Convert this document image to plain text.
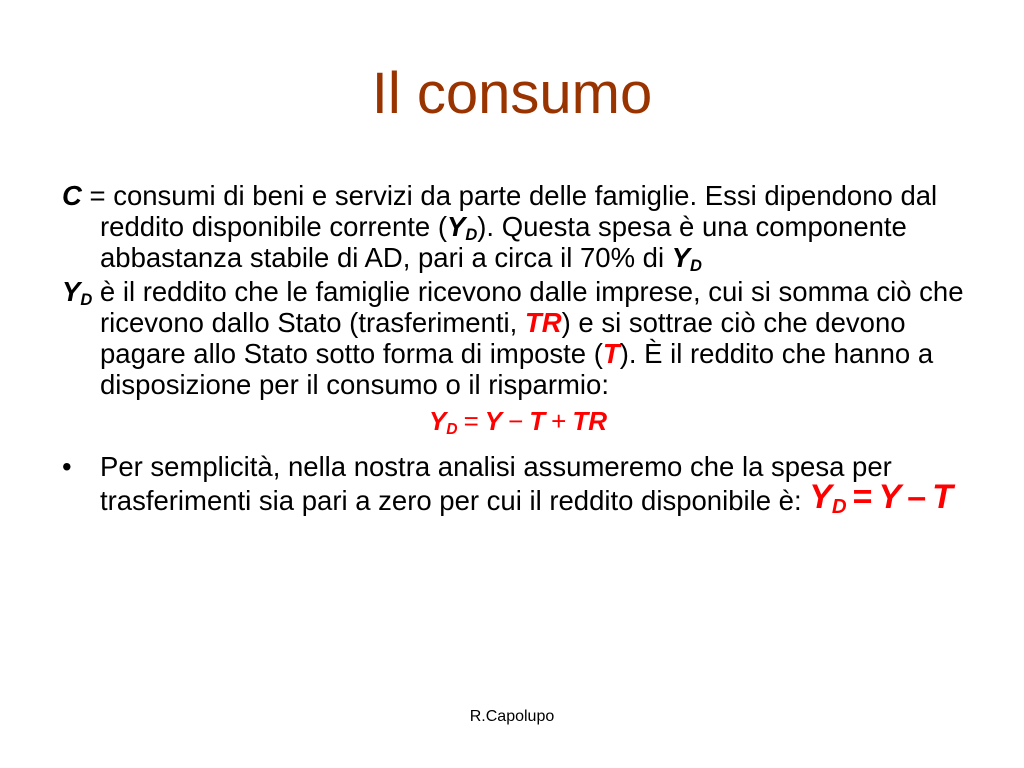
Il consumo
C = consumi di beni e servizi da parte delle famiglie. Essi dipendono dal reddito disponibile corrente $(Y_D)$. Questa spesa è una componente abbastanza stabile di AD, pari a circa il 70% di $Y_D$
$Y_D$ è il reddito che le famiglie ricevono dalle imprese, cui si somma ciò che ricevono dallo Stato (trasferimenti, TR) e si sottrae ciò che devono pagare allo Stato sotto forma di imposte (T). È il reddito che hanno a disposizione per il consumo o il risparmio:
$Y_D = Y - T$ + TR
• Per semplicità, nella nostra analisi assumeremo che la spesa per trasferimenti sia pari a zero per cui il reddito disponibile è: $Y_D = Y - T$
R.Capolupo
